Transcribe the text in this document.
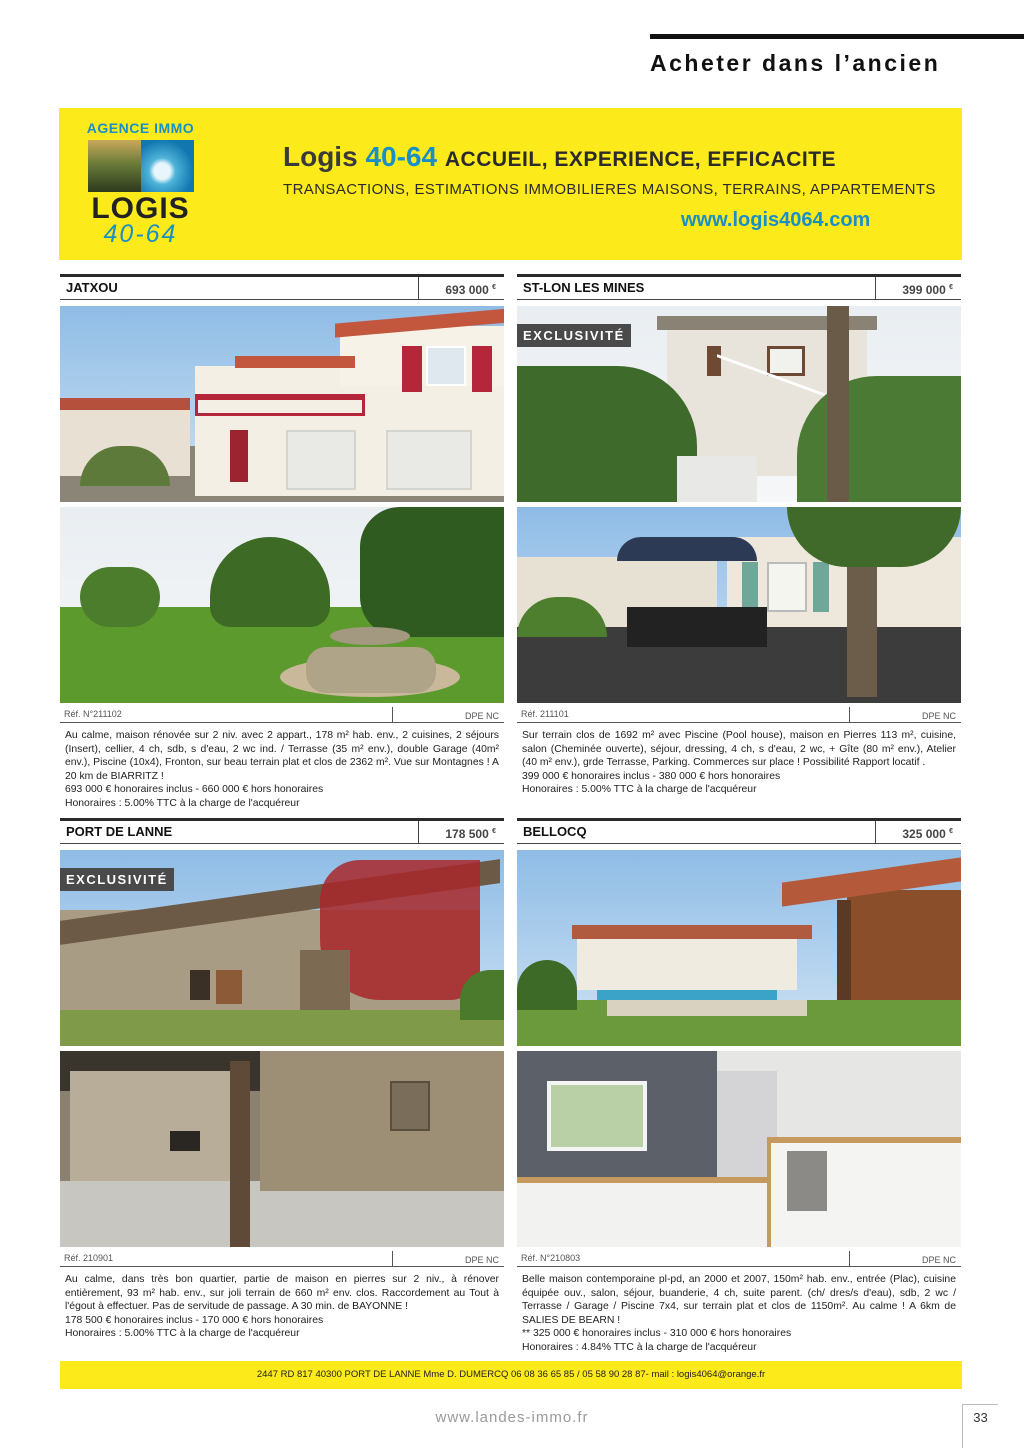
Acheter dans l’ancien
AGENCE IMMO
LOGIS
40-64
Logis 40-64 ACCUEIL, EXPERIENCE, EFFICACITE
TRANSACTIONS, ESTIMATIONS IMMOBILIERES MAISONS, TERRAINS, APPARTEMENTS
www.logis4064.com
JATXOU	693 000 €
Réf. N°211102	DPE NC

Au calme, maison rénovée sur 2 niv. avec 2 appart., 178 m² hab. env., 2 cuisines, 2 séjours (Insert), cellier, 4 ch, sdb, s d'eau, 2 wc ind. / Terrasse (35 m² env.), double Garage (40m² env.), Piscine (10x4), Fronton, sur beau terrain plat et clos de 2362 m². Vue sur Montagnes ! A 20 km de BIARRITZ !

693 000 € honoraires inclus - 660 000 € hors honoraires

Honoraires : 5.00% TTC à la charge de l'acquéreur

ST-LON LES MINES	399 000 €
EXCLUSIVITÉ
Réf. 211101	DPE NC

Sur terrain clos de 1692 m² avec Piscine (Pool house), maison en Pierres 113 m², cuisine, salon (Cheminée ouverte), séjour, dressing, 4 ch, s d'eau, 2 wc, + Gîte (80 m² env.), Atelier (40 m² env.), grde Terrasse, Parking. Commerces sur place ! Possibilité Rapport locatif .

399 000 € honoraires inclus - 380 000 € hors honoraires

Honoraires : 5.00% TTC à la charge de l'acquéreur

PORT DE LANNE	178 500 €
EXCLUSIVITÉ
Réf. 210901	DPE NC

Au calme, dans très bon quartier, partie de maison en pierres sur 2 niv., à rénover entièrement, 93 m² hab. env., sur joli terrain de 660 m² env. clos. Raccordement au Tout à l'égout à effectuer. Pas de servitude de passage. A 30 min. de BAYONNE !

178 500 € honoraires inclus - 170 000 € hors honoraires

Honoraires : 5.00% TTC à la charge de l'acquéreur

BELLOCQ	325 000 €
Réf. N°210803	DPE NC

Belle maison contemporaine pl-pd, an 2000 et 2007, 150m² hab. env., entrée (Plac), cuisine équipée ouv., salon, séjour, buanderie, 4 ch, suite parent. (ch/ dres/s d'eau), sdb, 2 wc / Terrasse / Garage / Piscine 7x4, sur terrain plat et clos de 1150m². Au calme ! A 6km de SALIES DE BEARN !

** 325 000 € honoraires inclus - 310 000 € hors honoraires

Honoraires : 4.84% TTC à la charge de l'acquéreur

2447 RD 817 40300 PORT DE LANNE Mme D. DUMERCQ 06 08 36 65 85 / 05 58 90 28 87- mail : logis4064@orange.fr
www.landes-immo.fr	33
